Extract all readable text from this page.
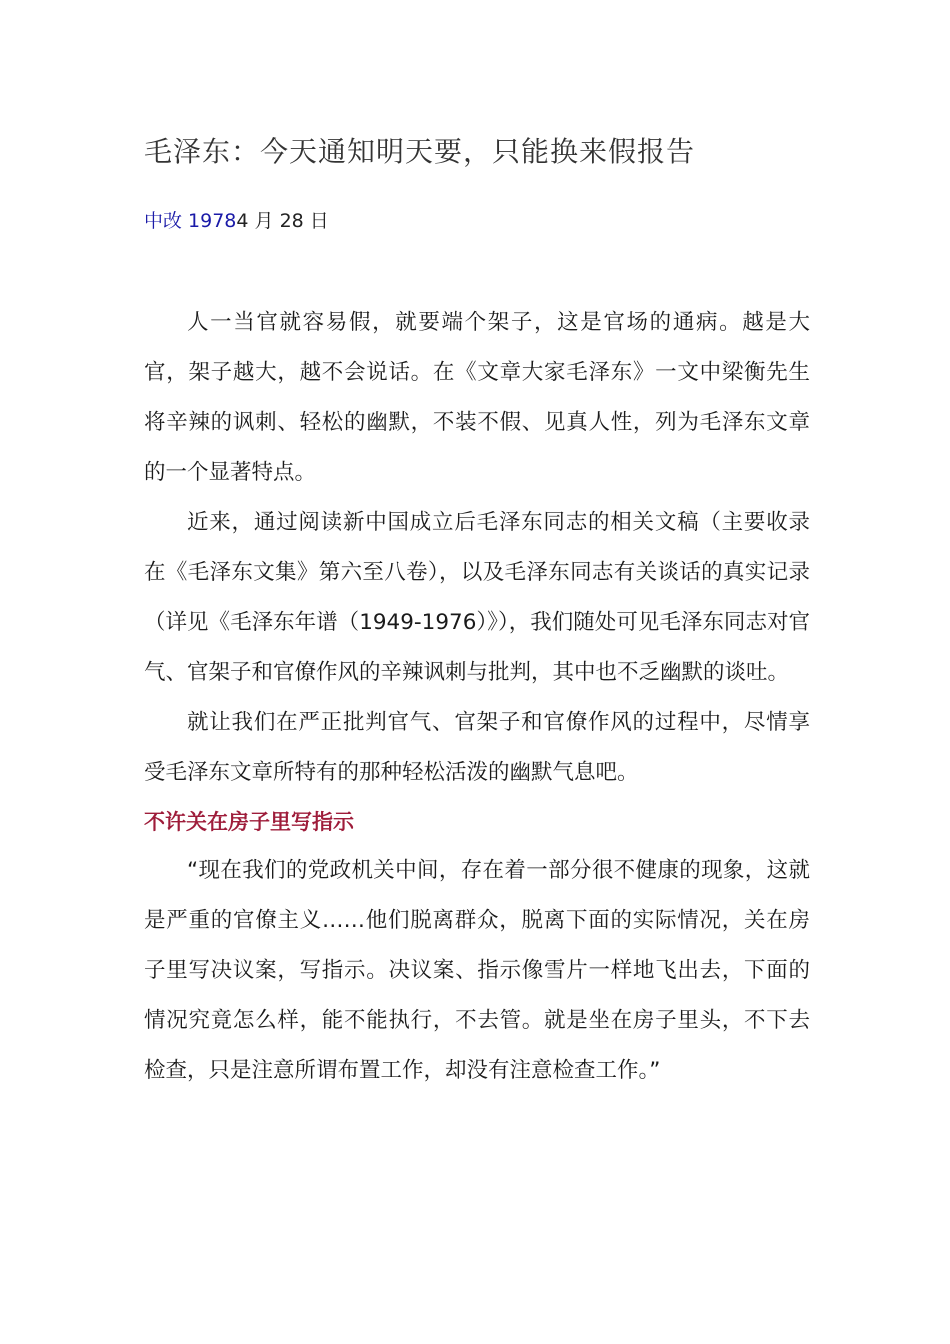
毛泽东：今天通知明天要，只能换来假报告
中改 19784 月 28 日

人一当官就容易假，就要端个架子，这是官场的通病。越是大官，架子越大，越不会说话。在《文章大家毛泽东》一文中梁衡先生将辛辣的讽刺、轻松的幽默，不装不假、见真人性，列为毛泽东文章的一个显著特点。

近来，通过阅读新中国成立后毛泽东同志的相关文稿（主要收录在《毛泽东文集》第六至八卷），以及毛泽东同志有关谈话的真实记录（详见《毛泽东年谱（1949-1976）》），我们随处可见毛泽东同志对官气、官架子和官僚作风的辛辣讽刺与批判，其中也不乏幽默的谈吐。

就让我们在严正批判官气、官架子和官僚作风的过程中，尽情享受毛泽东文章所特有的那种轻松活泼的幽默气息吧。

不许关在房子里写指示

“现在我们的党政机关中间，存在着一部分很不健康的现象，这就是严重的官僚主义……他们脱离群众，脱离下面的实际情况，关在房子里写决议案，写指示。决议案、指示像雪片一样地飞出去，下面的情况究竟怎么样，能不能执行，不去管。就是坐在房子里头，不下去检查，只是注意所谓布置工作，却没有注意检查工作。”
